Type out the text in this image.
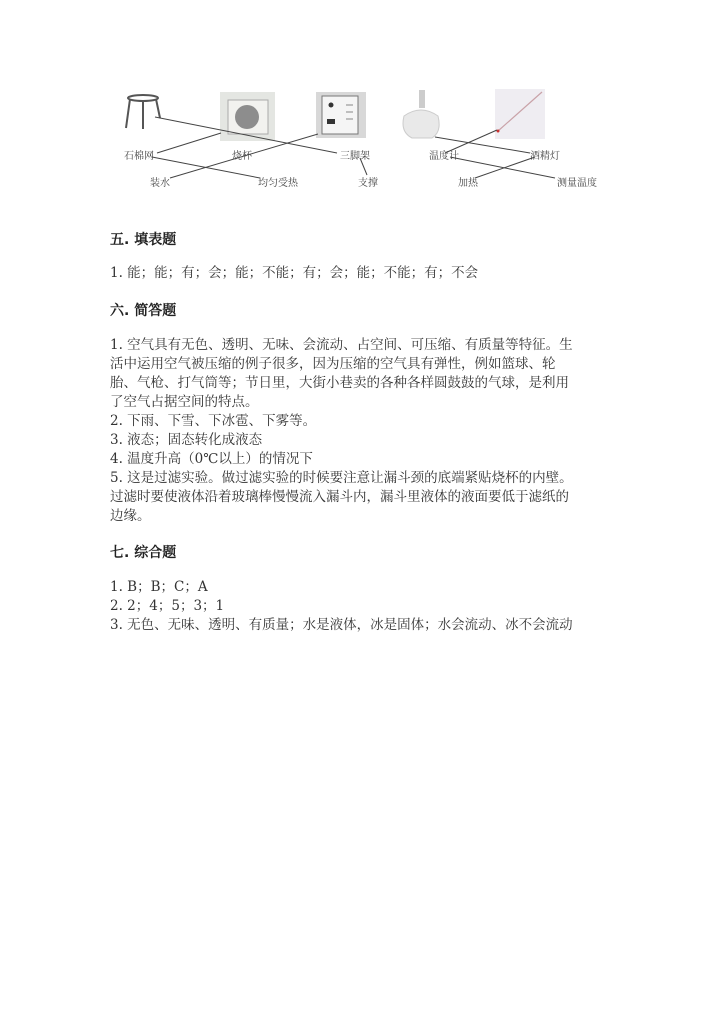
石棉网	烧杯	三脚架	温度计	酒精灯
装水	均匀受热	支撑	加热	测量温度
五. 填表题
1. 能；能；有；会；能；不能；有；会；能；不能；有；不会
六. 简答题
1. 空气具有无色、透明、无味、会流动、占空间、可压缩、有质量等特征。生
活中运用空气被压缩的例子很多，因为压缩的空气具有弹性，例如篮球、轮
胎、气枪、打气筒等；节日里，大街小巷卖的各种各样圆鼓鼓的气球，是利用
了空气占据空间的特点。
2. 下雨、下雪、下冰雹、下雾等。
3. 液态；固态转化成液态
4. 温度升高（0℃以上）的情况下
5. 这是过滤实验。做过滤实验的时候要注意让漏斗颈的底端紧贴烧杯的内壁。
过滤时要使液体沿着玻璃棒慢慢流入漏斗内，漏斗里液体的液面要低于滤纸的
边缘。
七. 综合题
1. B；B；C；A
2. 2；4；5；3；1
3. 无色、无味、透明、有质量；水是液体，冰是固体；水会流动、冰不会流动
